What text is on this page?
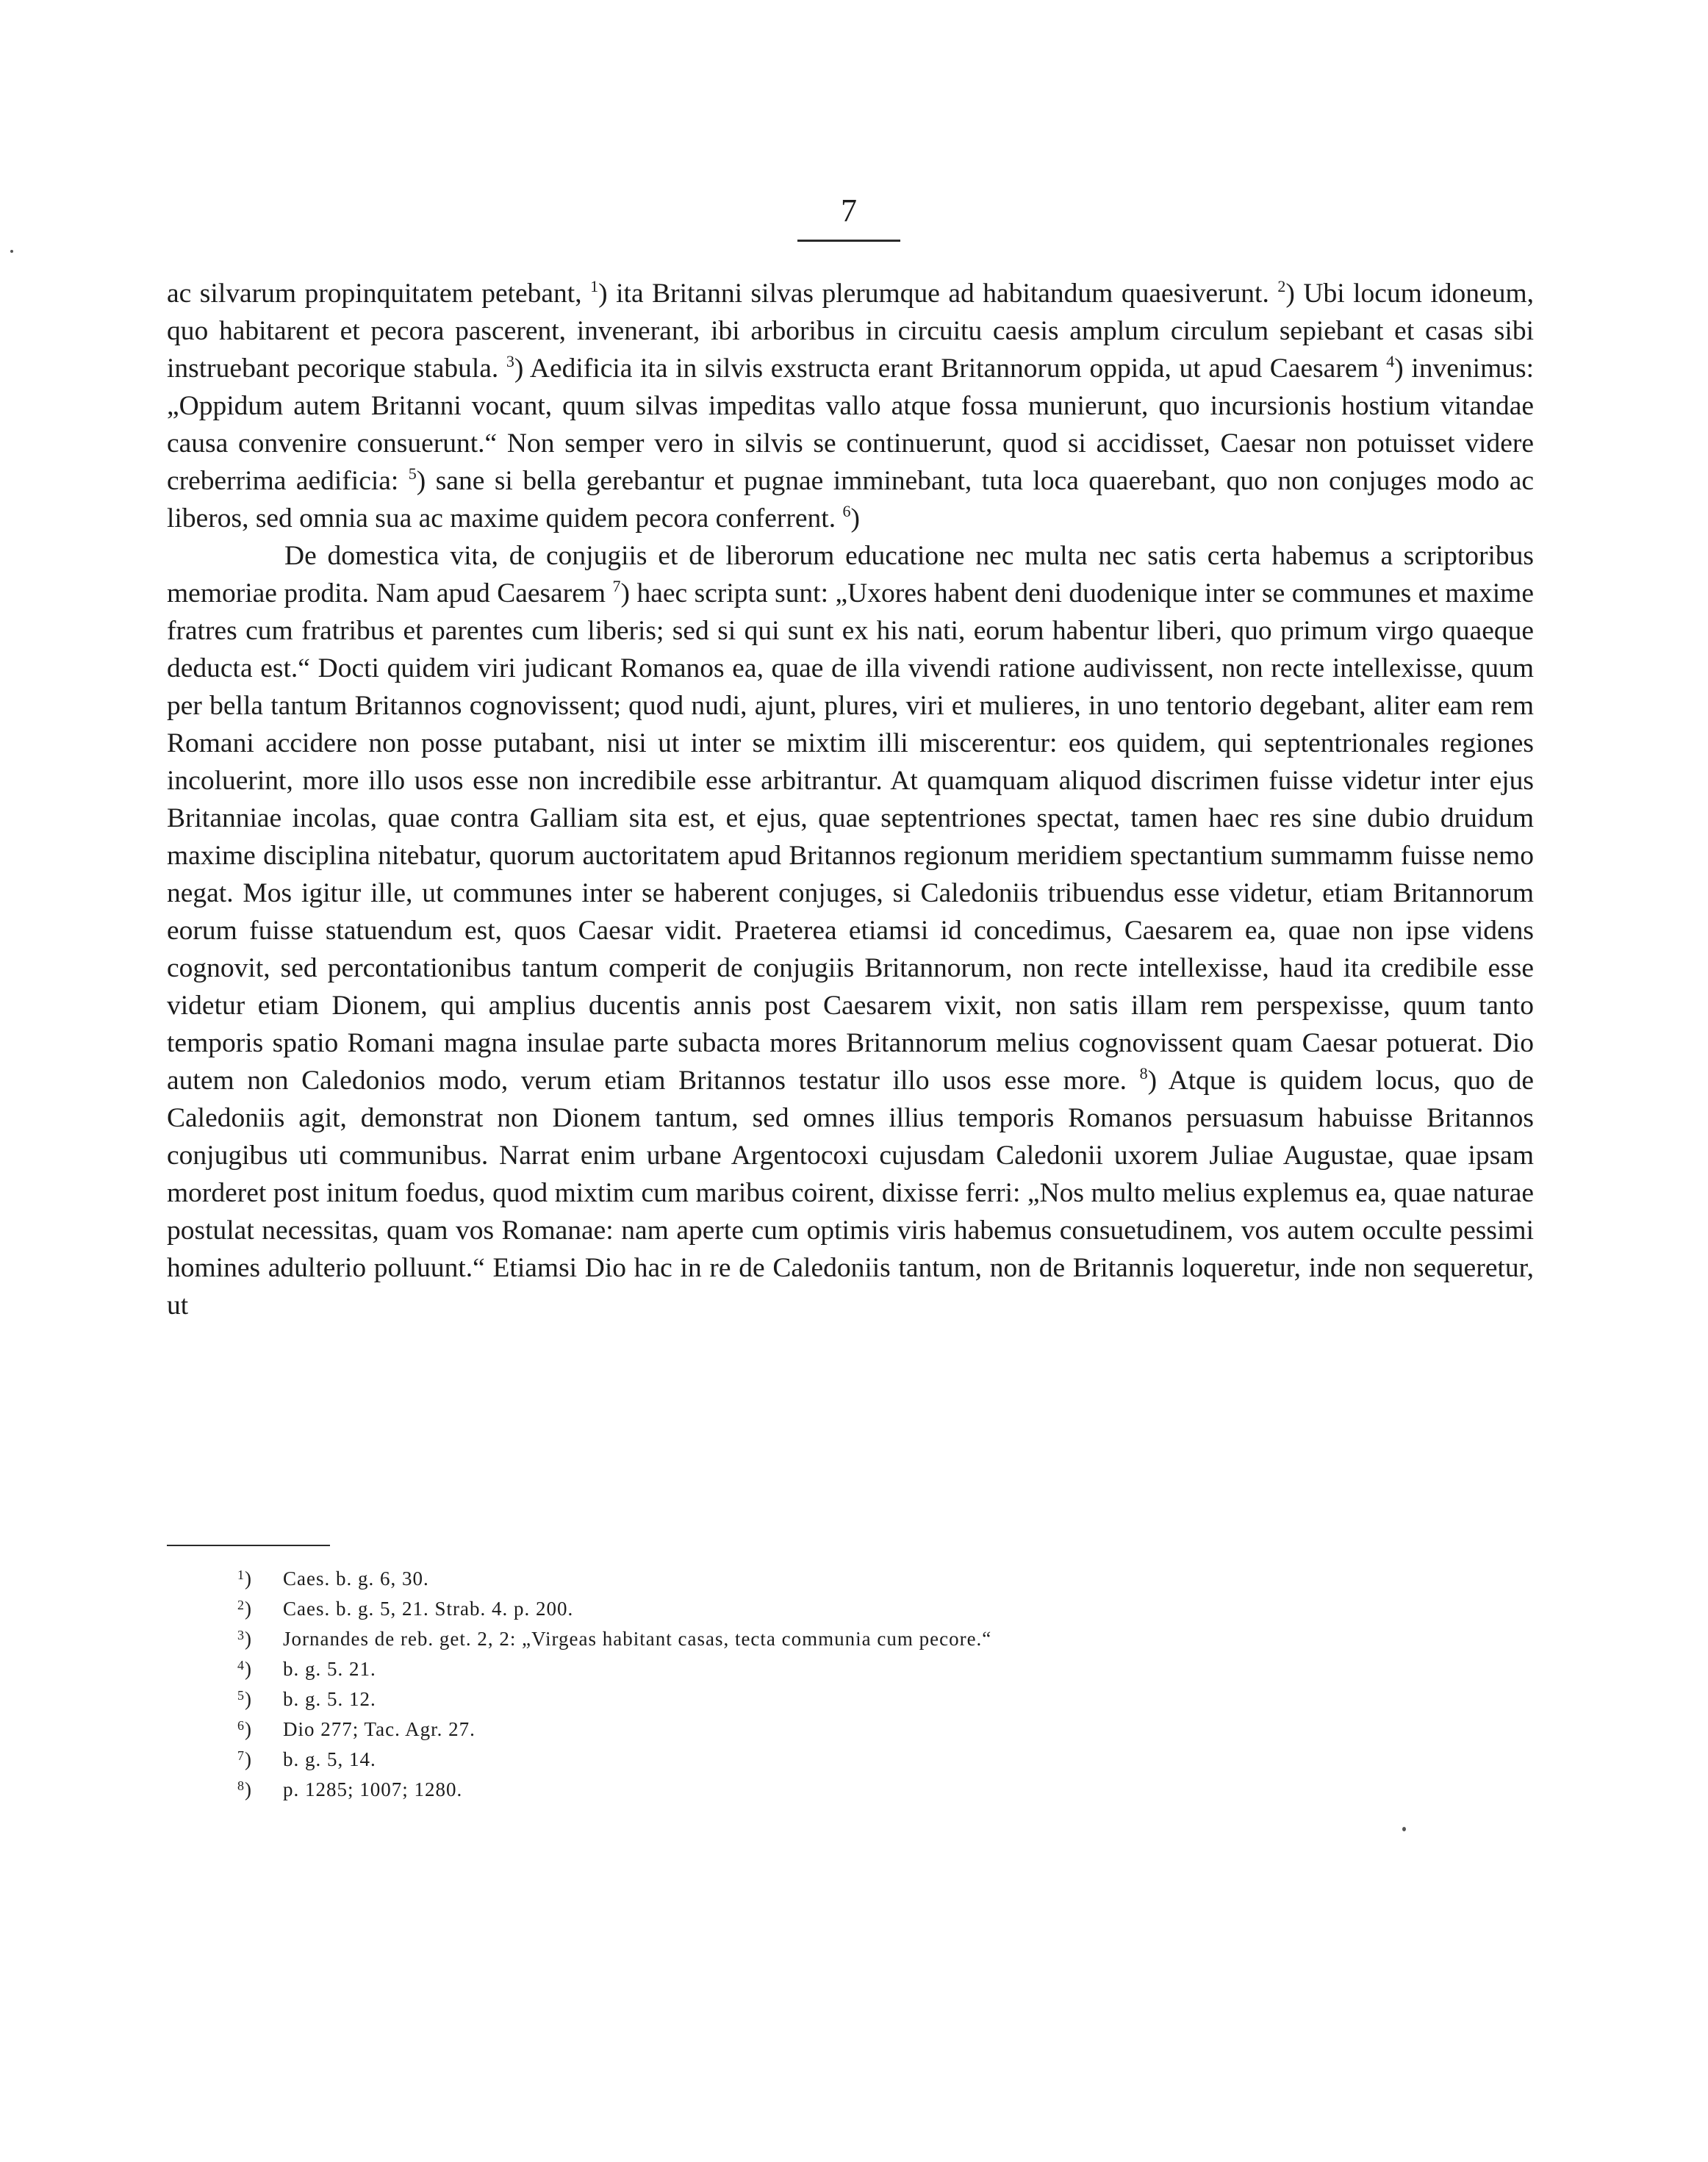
7

ac silvarum propinquitatem petebant, $^1$) ita Britanni silvas plerumque ad habitandum quaesiverunt. $^2$) Ubi locum idoneum, quo habitarent et pecora pascerent, invenerant, ibi arboribus in circuitu caesis amplum circulum sepiebant et casas sibi instruebant pecorique stabula. $^3$) Aedificia ita in silvis exstructa erant Britannorum oppida, ut apud Caesarem $^4$) invenimus: „Oppidum autem Britanni vocant, quum silvas impeditas vallo atque fossa munierunt, quo incursionis hostium vitandae causa convenire consuerunt.“ Non semper vero in silvis se continuerunt, quod si accidisset, Caesar non potuisset videre creberrima aedificia: $^5$) sane si bella gerebantur et pugnae imminebant, tuta loca quaerebant, quo non conjuges modo ac liberos, sed omnia sua ac maxime quidem pecora conferrent. $^6$)

De domestica vita, de conjugiis et de liberorum educatione nec multa nec satis certa habemus a scriptoribus memoriae prodita. Nam apud Caesarem $^7$) haec scripta sunt: „Uxores habent deni duodenique inter se communes et maxime fratres cum fratribus et parentes cum liberis; sed si qui sunt ex his nati, eorum habentur liberi, quo primum virgo quaeque deducta est.“ Docti quidem viri judicant Romanos ea, quae de illa vivendi ratione audivissent, non recte intellexisse, quum per bella tantum Britannos cognovissent; quod nudi, ajunt, plures, viri et mulieres, in uno tentorio degebant, aliter eam rem Romani accidere non posse putabant, nisi ut inter se mixtim illi miscerentur: eos quidem, qui septentrionales regiones incoluerint, more illo usos esse non incredibile esse arbitrantur. At quamquam aliquod discrimen fuisse videtur inter ejus Britanniae incolas, quae contra Galliam sita est, et ejus, quae septentriones spectat, tamen haec res sine dubio druidum maxime disciplina nitebatur, quorum auctoritatem apud Britannos regionum meridiem spectantium summamm fuisse nemo negat. Mos igitur ille, ut communes inter se haberent conjuges, si Caledoniis tribuendus esse videtur, etiam Britannorum eorum fuisse statuendum est, quos Caesar vidit. Praeterea etiamsi id concedimus, Caesarem ea, quae non ipse videns cognovit, sed percontationibus tantum comperit de conjugiis Britannorum, non recte intellexisse, haud ita credibile esse videtur etiam Dionem, qui amplius ducentis annis post Caesarem vixit, non satis illam rem perspexisse, quum tanto temporis spatio Romani magna insulae parte subacta mores Britannorum melius cognovissent quam Caesar potuerat. Dio autem non Caledonios modo, verum etiam Britannos testatur illo usos esse more. $^8$) Atque is quidem locus, quo de Caledoniis agit, demonstrat non Dionem tantum, sed omnes illius temporis Romanos persuasum habuisse Britannos conjugibus uti communibus. Narrat enim urbane Argentocoxi cujusdam Caledonii uxorem Juliae Augustae, quae ipsam morderet post initum foedus, quod mixtim cum maribus coirent, dixisse ferri: „Nos multo melius explemus ea, quae naturae postulat necessitas, quam vos Romanae: nam aperte cum optimis viris habemus consuetudinem, vos autem occulte pessimi homines adulterio polluunt.“ Etiamsi Dio hac in re de Caledoniis tantum, non de Britannis loqueretur, inde non sequeretur, ut

$^1$) Caes. b. g. 6, 30.
$^2$) Caes. b. g. 5, 21. Strab. 4. p. 200.
$^3$) Jornandes de reb. get. 2, 2: „Virgeas habitant casas, tecta communia cum pecore.“
$^4$) b. g. 5. 21.
$^5$) b. g. 5. 12.
$^6$) Dio 277; Tac. Agr. 27.
$^7$) b. g. 5, 14.
$^8$) p. 1285; 1007; 1280.
